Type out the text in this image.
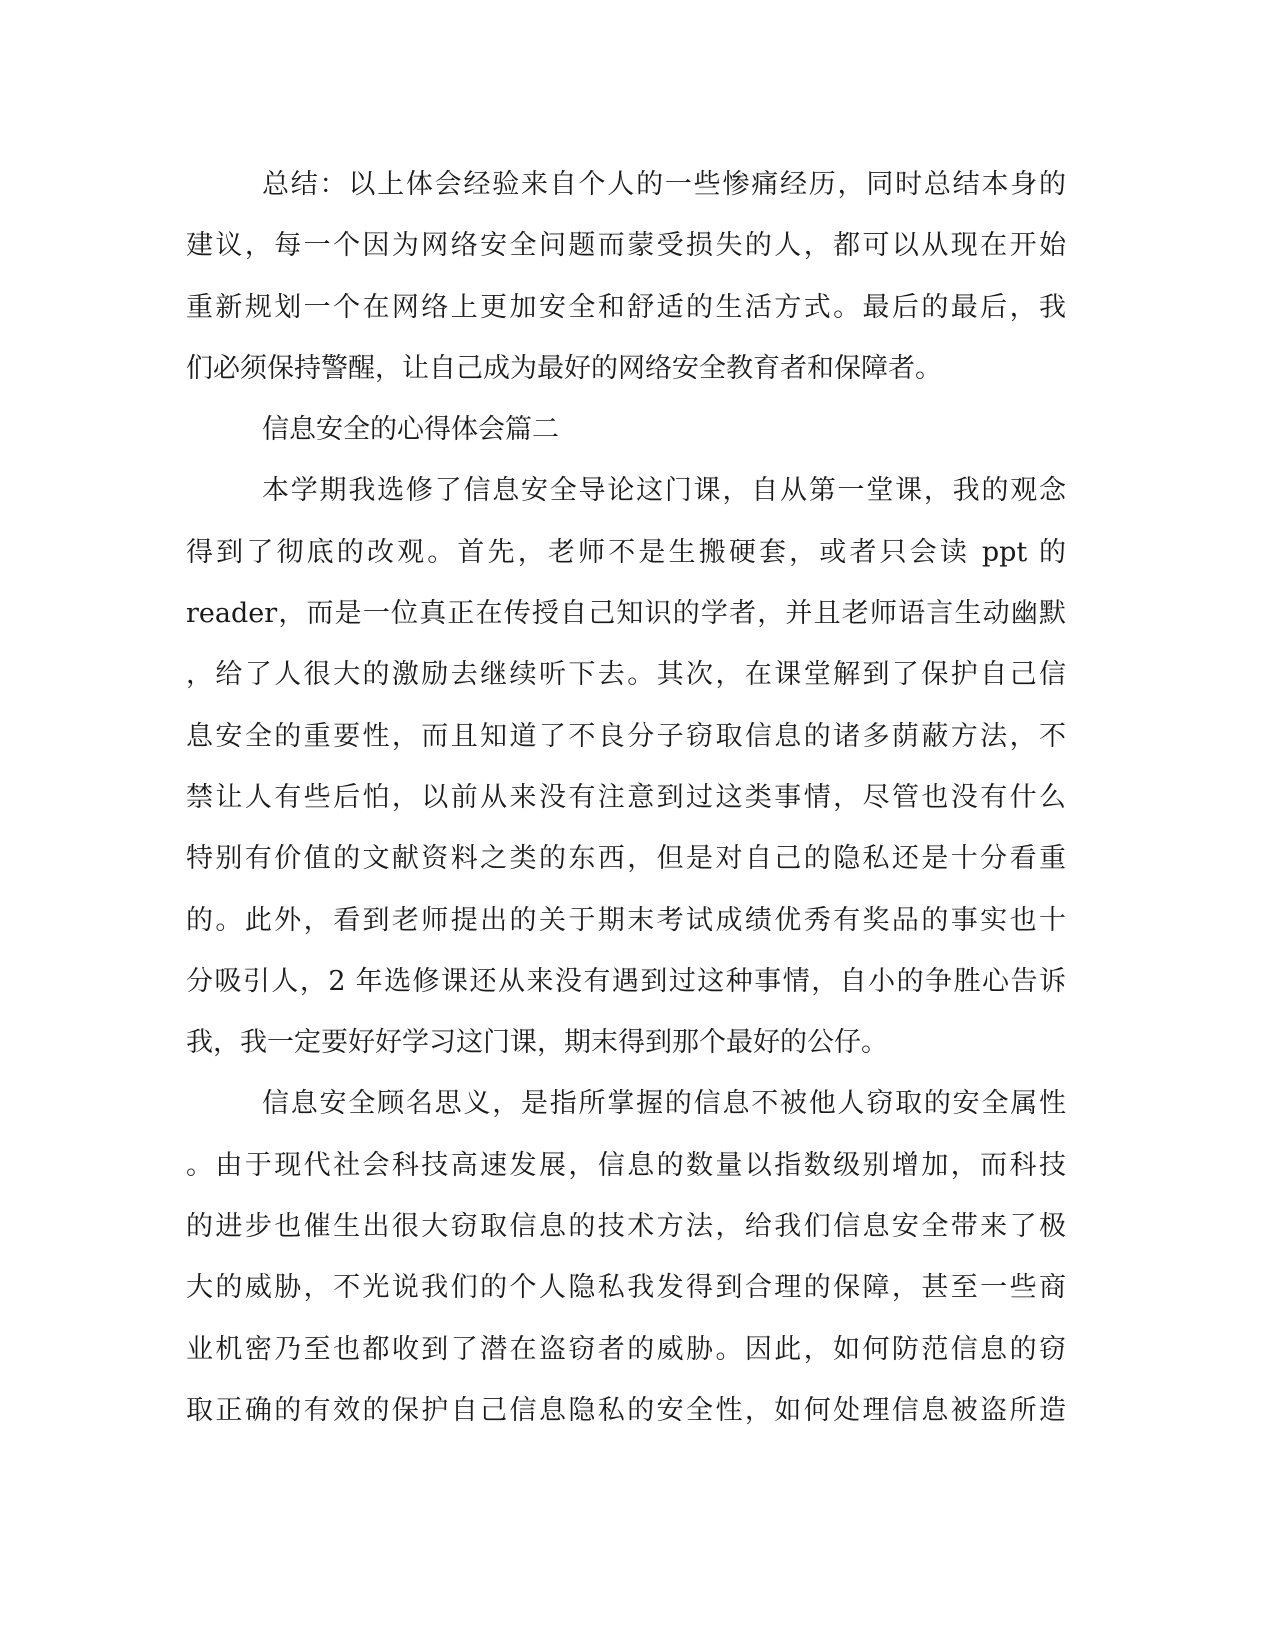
总结：以上体会经验来自个人的一些惨痛经历，同时总结本身的
建议，每一个因为网络安全问题而蒙受损失的人，都可以从现在开始
重新规划一个在网络上更加安全和舒适的生活方式。最后的最后，我
们必须保持警醒，让自己成为最好的网络安全教育者和保障者。
信息安全的心得体会篇二
本学期我选修了信息安全导论这门课，自从第一堂课，我的观念
得到了彻底的改观。首先，老师不是生搬硬套，或者只会读 ppt 的
reader，而是一位真正在传授自己知识的学者，并且老师语言生动幽默
，给了人很大的激励去继续听下去。其次，在课堂解到了保护自己信
息安全的重要性，而且知道了不良分子窃取信息的诸多荫蔽方法，不
禁让人有些后怕，以前从来没有注意到过这类事情，尽管也没有什么
特别有价值的文献资料之类的东西，但是对自己的隐私还是十分看重
的。此外，看到老师提出的关于期末考试成绩优秀有奖品的事实也十
分吸引人，2 年选修课还从来没有遇到过这种事情，自小的争胜心告诉
我，我一定要好好学习这门课，期末得到那个最好的公仔。
信息安全顾名思义，是指所掌握的信息不被他人窃取的安全属性
。由于现代社会科技高速发展，信息的数量以指数级别增加，而科技
的进步也催生出很大窃取信息的技术方法，给我们信息安全带来了极
大的威胁，不光说我们的个人隐私我发得到合理的保障，甚至一些商
业机密乃至也都收到了潜在盗窃者的威胁。因此，如何防范信息的窃
取正确的有效的保护自己信息隐私的安全性，如何处理信息被盗所造
